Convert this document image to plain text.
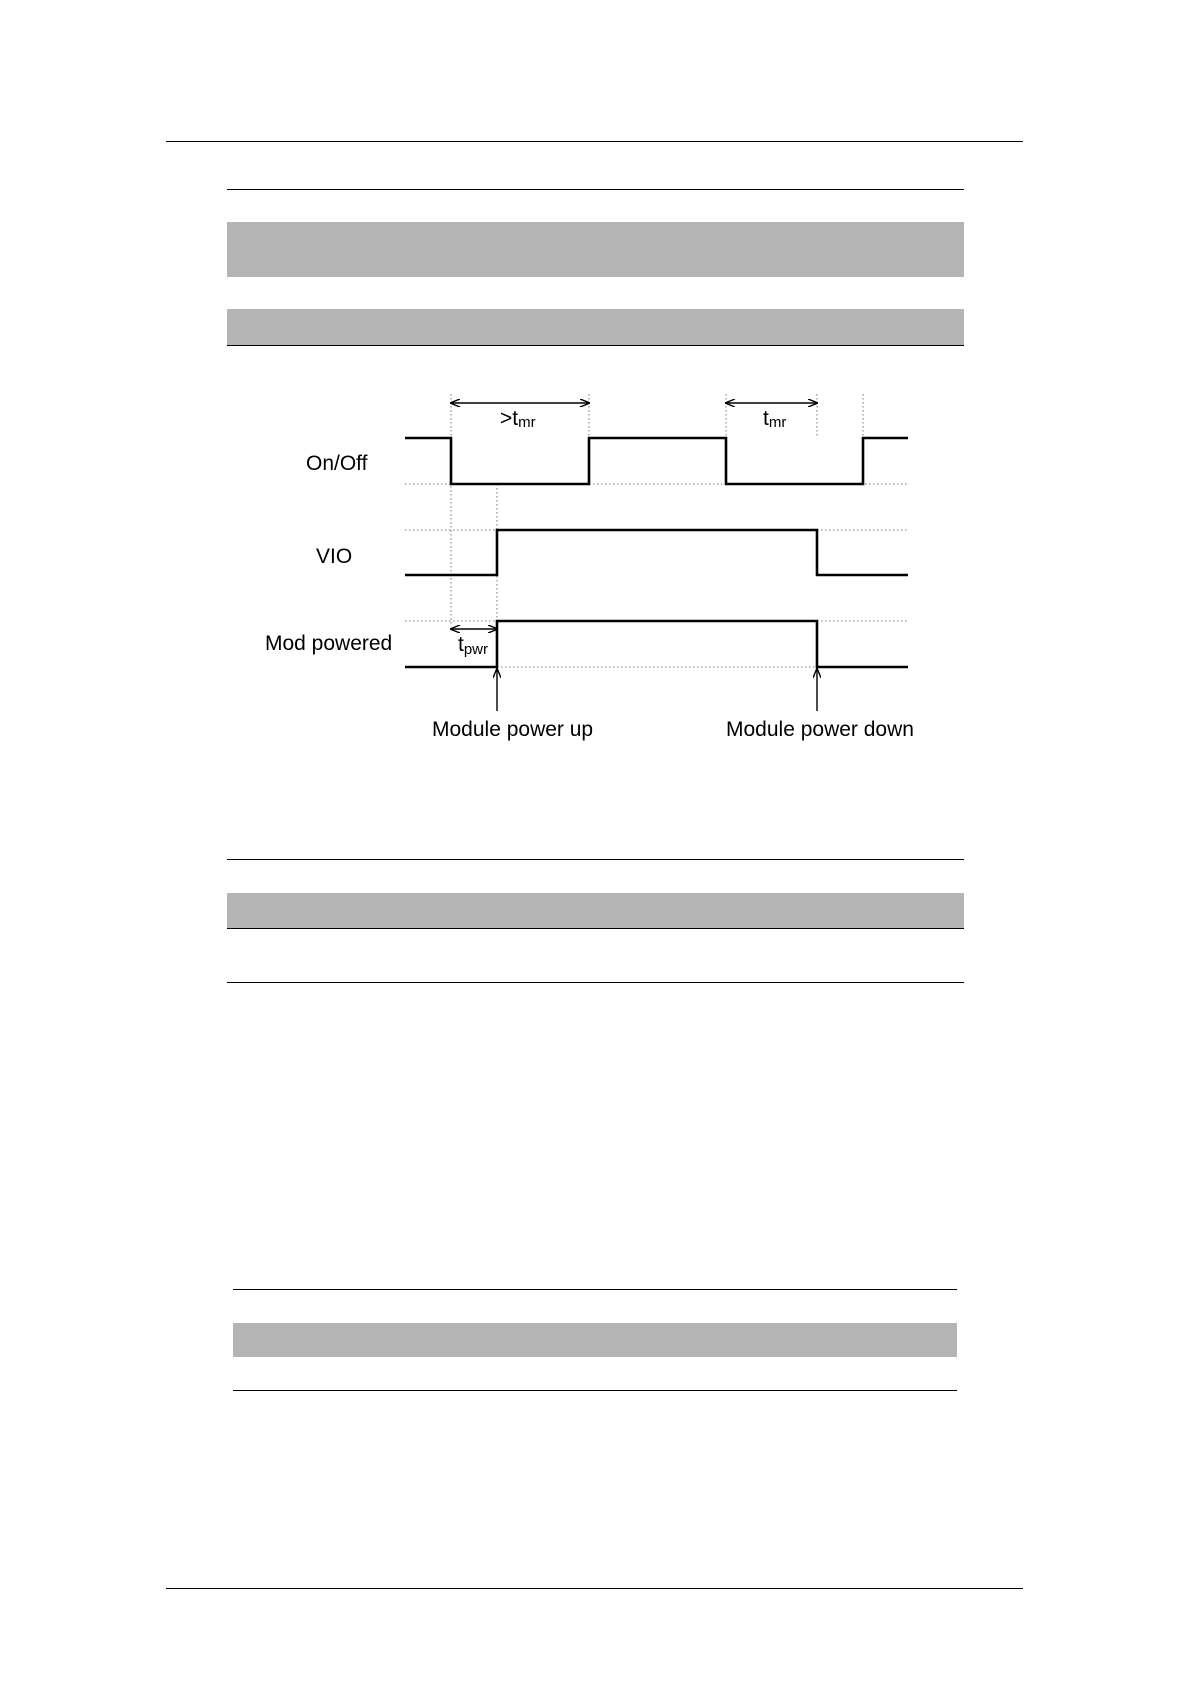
On/Off
VIO
Mod powered
>tmr	tmr
tpwr
Module power up	Module power down
